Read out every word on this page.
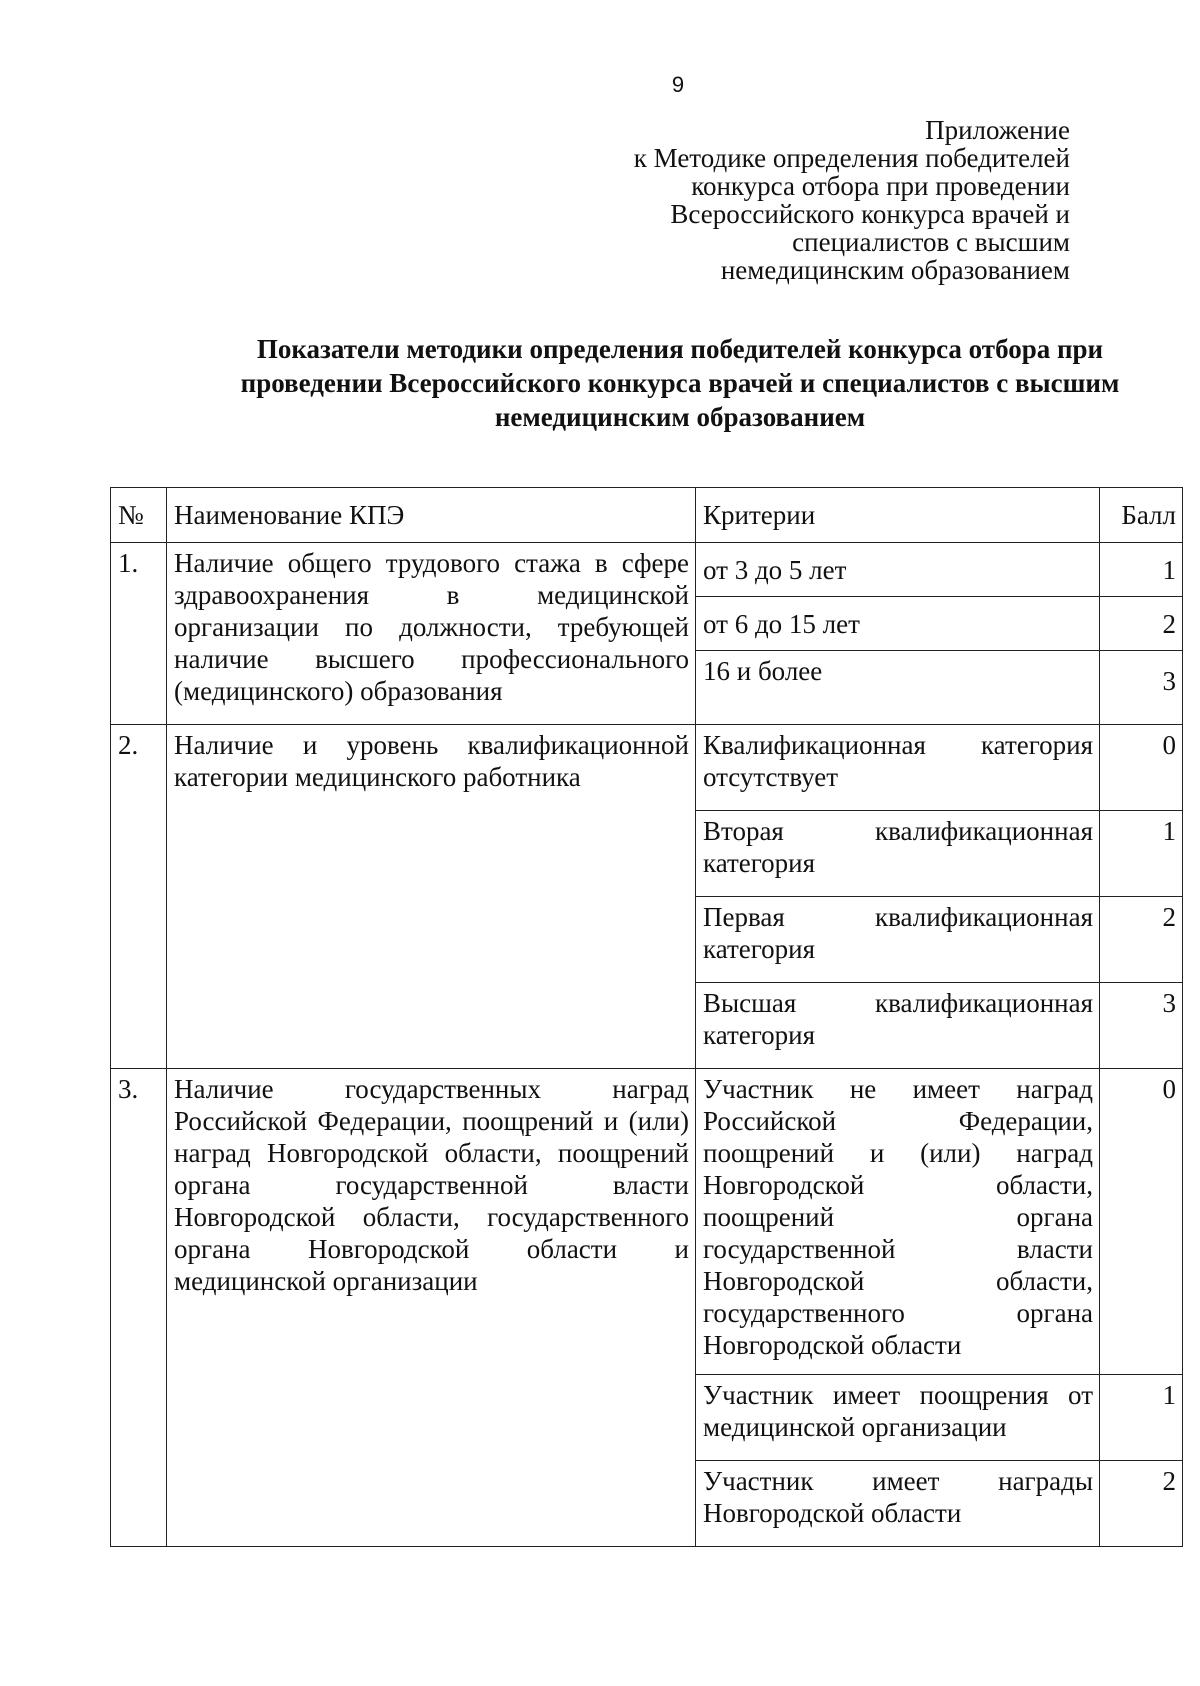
9
Приложение
к Методике определения победителей
конкурса отбора при проведении
Всероссийского конкурса врачей и
специалистов с высшим
немедицинским образованием
Показатели методики определения победителей конкурса отбора при
проведении Всероссийского конкурса врачей и специалистов с высшим
немедицинским образованием
№	Наименование КПЭ	Критерии	Балл
1.	Наличие общего трудового стажа в сфере здравоохранения в медицинской организации по должности, требующей наличие высшего профессионального (медицинского) образования	от 3 до 5 лет	1
		от 6 до 15 лет	2
		16 и более	3
2.	Наличие и уровень квалификационной категории медицинского работника	Квалификационная категория отсутствует	0
		Вторая квалификационная категория	1
		Первая квалификационная категория	2
		Высшая квалификационная категория	3
3.	Наличие государственных наград Российской Федерации, поощрений и (или) наград Новгородской области, поощрений органа государственной власти Новгородской области, государственного органа Новгородской области и медицинской организации	Участник не имеет наград Российской Федерации, поощрений и (или) наград Новгородской области, поощрений органа государственной власти Новгородской области, государственного органа Новгородской области	0
		Участник имеет поощрения от медицинской организации	1
		Участник имеет награды Новгородской области	2
